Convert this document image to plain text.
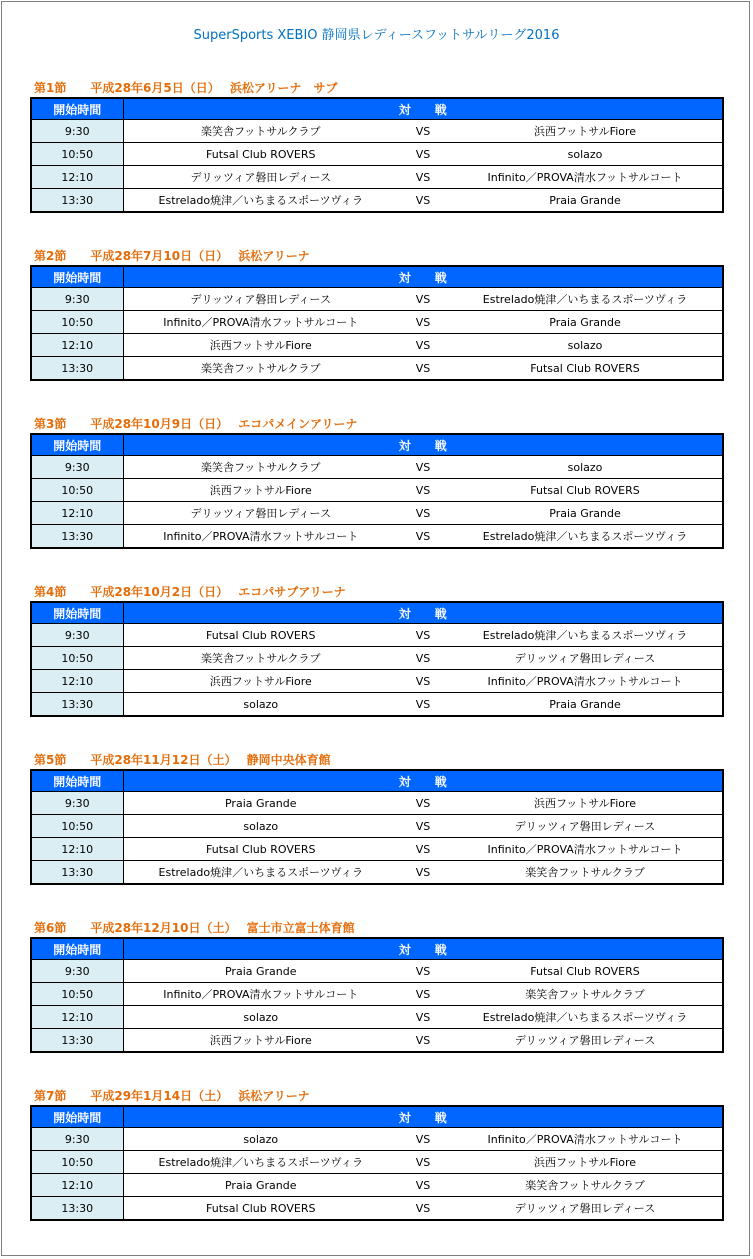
SuperSports XEBIO 静岡県レディースフットサルリーグ2016
第1節　　平成28年6月5日（日）　 浜松アリーナ　サブ
開始時間	対　　戦		
9:30	楽笑舎フットサルクラブ	VS	浜西フットサルFiore
10:50	Futsal Club ROVERS	VS	solazo
12:10	デリッツィア磐田レディース	VS	Infinito／PROVA清水フットサルコート
13:30	Estrelado焼津／いちまるスポーツヴィラ	VS	Praia Grande
第2節　　平成28年7月10日（日）　 浜松アリーナ
開始時間	対　　戦		
9:30	デリッツィア磐田レディース	VS	Estrelado焼津／いちまるスポーツヴィラ
10:50	Infinito／PROVA清水フットサルコート	VS	Praia Grande
12:10	浜西フットサルFiore	VS	solazo
13:30	楽笑舎フットサルクラブ	VS	Futsal Club ROVERS
第3節　　平成28年10月9日（日）　 エコパメインアリーナ
開始時間	対　　戦		
9:30	楽笑舎フットサルクラブ	VS	solazo
10:50	浜西フットサルFiore	VS	Futsal Club ROVERS
12:10	デリッツィア磐田レディース	VS	Praia Grande
13:30	Infinito／PROVA清水フットサルコート	VS	Estrelado焼津／いちまるスポーツヴィラ
第4節　　平成28年10月2日（日）　 エコパサブアリーナ
開始時間	対　　戦		
9:30	Futsal Club ROVERS	VS	Estrelado焼津／いちまるスポーツヴィラ
10:50	楽笑舎フットサルクラブ	VS	デリッツィア磐田レディース
12:10	浜西フットサルFiore	VS	Infinito／PROVA清水フットサルコート
13:30	solazo	VS	Praia Grande
第5節　　平成28年11月12日（土）　 静岡中央体育館
開始時間	対　　戦		
9:30	Praia Grande	VS	浜西フットサルFiore
10:50	solazo	VS	デリッツィア磐田レディース
12:10	Futsal Club ROVERS	VS	Infinito／PROVA清水フットサルコート
13:30	Estrelado焼津／いちまるスポーツヴィラ	VS	楽笑舎フットサルクラブ
第6節　　平成28年12月10日（土）　 富士市立富士体育館
開始時間	対　　戦		
9:30	Praia Grande	VS	Futsal Club ROVERS
10:50	Infinito／PROVA清水フットサルコート	VS	楽笑舎フットサルクラブ
12:10	solazo	VS	Estrelado焼津／いちまるスポーツヴィラ
13:30	浜西フットサルFiore	VS	デリッツィア磐田レディース
第7節　　平成29年1月14日（土）　 浜松アリーナ
開始時間	対　　戦		
9:30	solazo	VS	Infinito／PROVA清水フットサルコート
10:50	Estrelado焼津／いちまるスポーツヴィラ	VS	浜西フットサルFiore
12:10	Praia Grande	VS	楽笑舎フットサルクラブ
13:30	Futsal Club ROVERS	VS	デリッツィア磐田レディース
